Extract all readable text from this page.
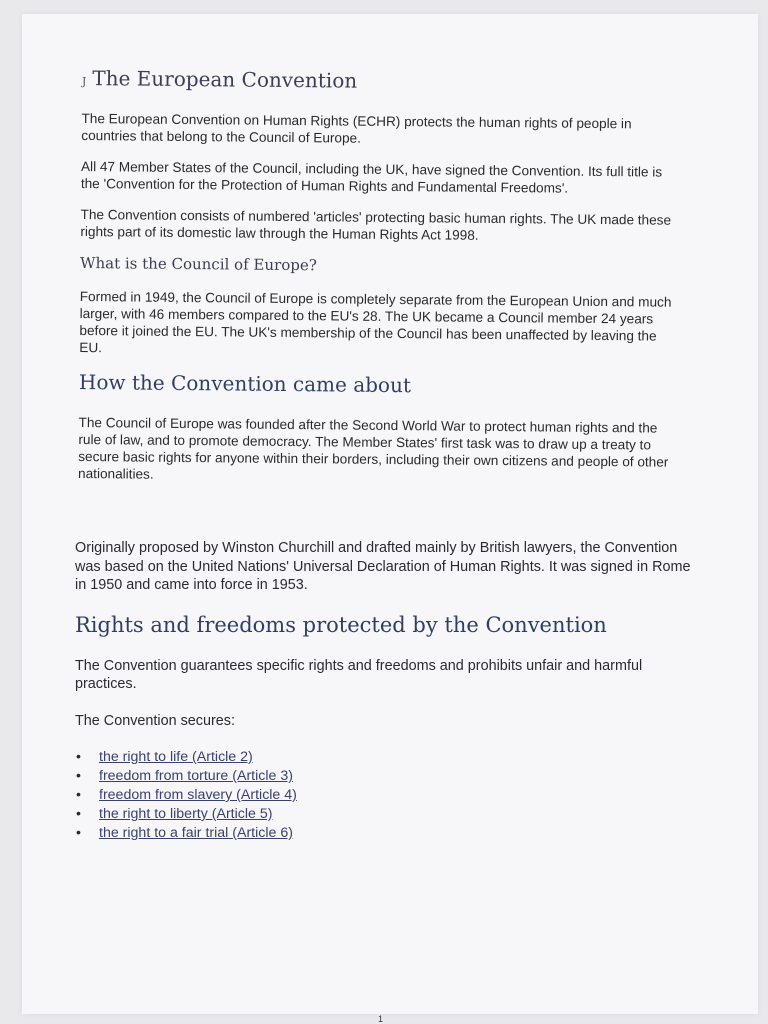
J The European Convention

The European Convention on Human Rights (ECHR) protects the human rights of people in countries that belong to the Council of Europe.

All 47 Member States of the Council, including the UK, have signed the Convention. Its full title is the 'Convention for the Protection of Human Rights and Fundamental Freedoms'.

The Convention consists of numbered 'articles' protecting basic human rights. The UK made these rights part of its domestic law through the Human Rights Act 1998.

What is the Council of Europe?

Formed in 1949, the Council of Europe is completely separate from the European Union and much larger, with 46 members compared to the EU's 28. The UK became a Council member 24 years before it joined the EU. The UK's membership of the Council has been unaffected by leaving the EU.

How the Convention came about

The Council of Europe was founded after the Second World War to protect human rights and the rule of law, and to promote democracy. The Member States' first task was to draw up a treaty to secure basic rights for anyone within their borders, including their own citizens and people of other nationalities.

Originally proposed by Winston Churchill and drafted mainly by British lawyers, the Convention was based on the United Nations' Universal Declaration of Human Rights. It was signed in Rome in 1950 and came into force in 1953.

Rights and freedoms protected by the Convention

The Convention guarantees specific rights and freedoms and prohibits unfair and harmful practices.

The Convention secures:

• the right to life (Article 2)
• freedom from torture (Article 3)
• freedom from slavery (Article 4)
• the right to liberty (Article 5)
• the right to a fair trial (Article 6)
1
